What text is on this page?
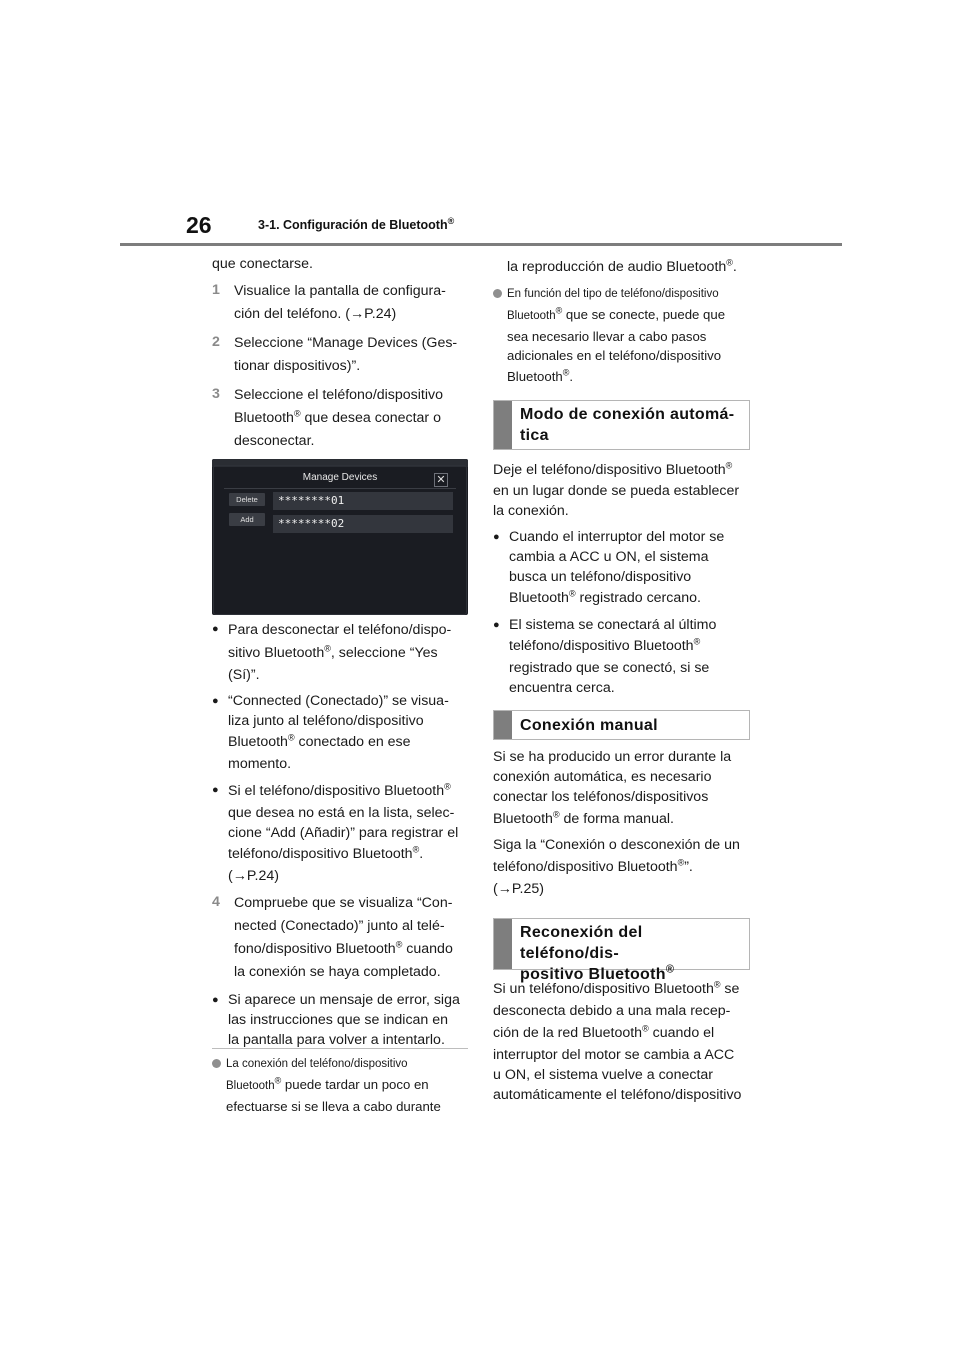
26	3-1. Configuración de Bluetooth®

que conectarse.

1 Visualice la pantalla de configura-
ción del teléfono. (→P.24)
2 Seleccione “Manage Devices (Ges-
tionar dispositivos)”.
3 Seleccione el teléfono/dispositivo
Bluetooth® que desea conectar o
desconectar.
Manage Devices	✕
Delete
Add
********01
********02
● Para desconectar el teléfono/dispo-
sitivo Bluetooth®, seleccione “Yes
(Sí)”.
● “Connected (Conectado)” se visua-
liza junto al teléfono/dispositivo
Bluetooth® conectado en ese
momento.
● Si el teléfono/dispositivo Bluetooth®
que desea no está en la lista, selec-
cione “Add (Añadir)” para registrar el
teléfono/dispositivo Bluetooth®.
(→P.24)
4 Compruebe que se visualiza “Con-
nected (Conectado)” junto al telé-
fono/dispositivo Bluetooth® cuando
la conexión se haya completado.
● Si aparece un mensaje de error, siga
las instrucciones que se indican en
la pantalla para volver a intentarlo.
La conexión del teléfono/dispositivo
Bluetooth® puede tardar un poco en
efectuarse si se lleva a cabo durante
la reproducción de audio Bluetooth®.
En función del tipo de teléfono/dispositivo
Bluetooth® que se conecte, puede que
sea necesario llevar a cabo pasos
adicionales en el teléfono/dispositivo
Bluetooth®.
Modo de conexión automá-
tica

Deje el teléfono/dispositivo Bluetooth®
en un lugar donde se pueda establecer
la conexión.

● Cuando el interruptor del motor se
cambia a ACC u ON, el sistema
busca un teléfono/dispositivo
Bluetooth® registrado cercano.
● El sistema se conectará al último
teléfono/dispositivo Bluetooth®
registrado que se conectó, si se
encuentra cerca.
Conexión manual

Si se ha producido un error durante la
conexión automática, es necesario
conectar los teléfonos/dispositivos
Bluetooth® de forma manual.

Siga la “Conexión o desconexión de un
teléfono/dispositivo Bluetooth®”.
(→P.25)

Reconexión del teléfono/dis-
positivo Bluetooth®

Si un teléfono/dispositivo Bluetooth® se
desconecta debido a una mala recep-
ción de la red Bluetooth® cuando el
interruptor del motor se cambia a ACC
u ON, el sistema vuelve a conectar
automáticamente el teléfono/dispositivo
